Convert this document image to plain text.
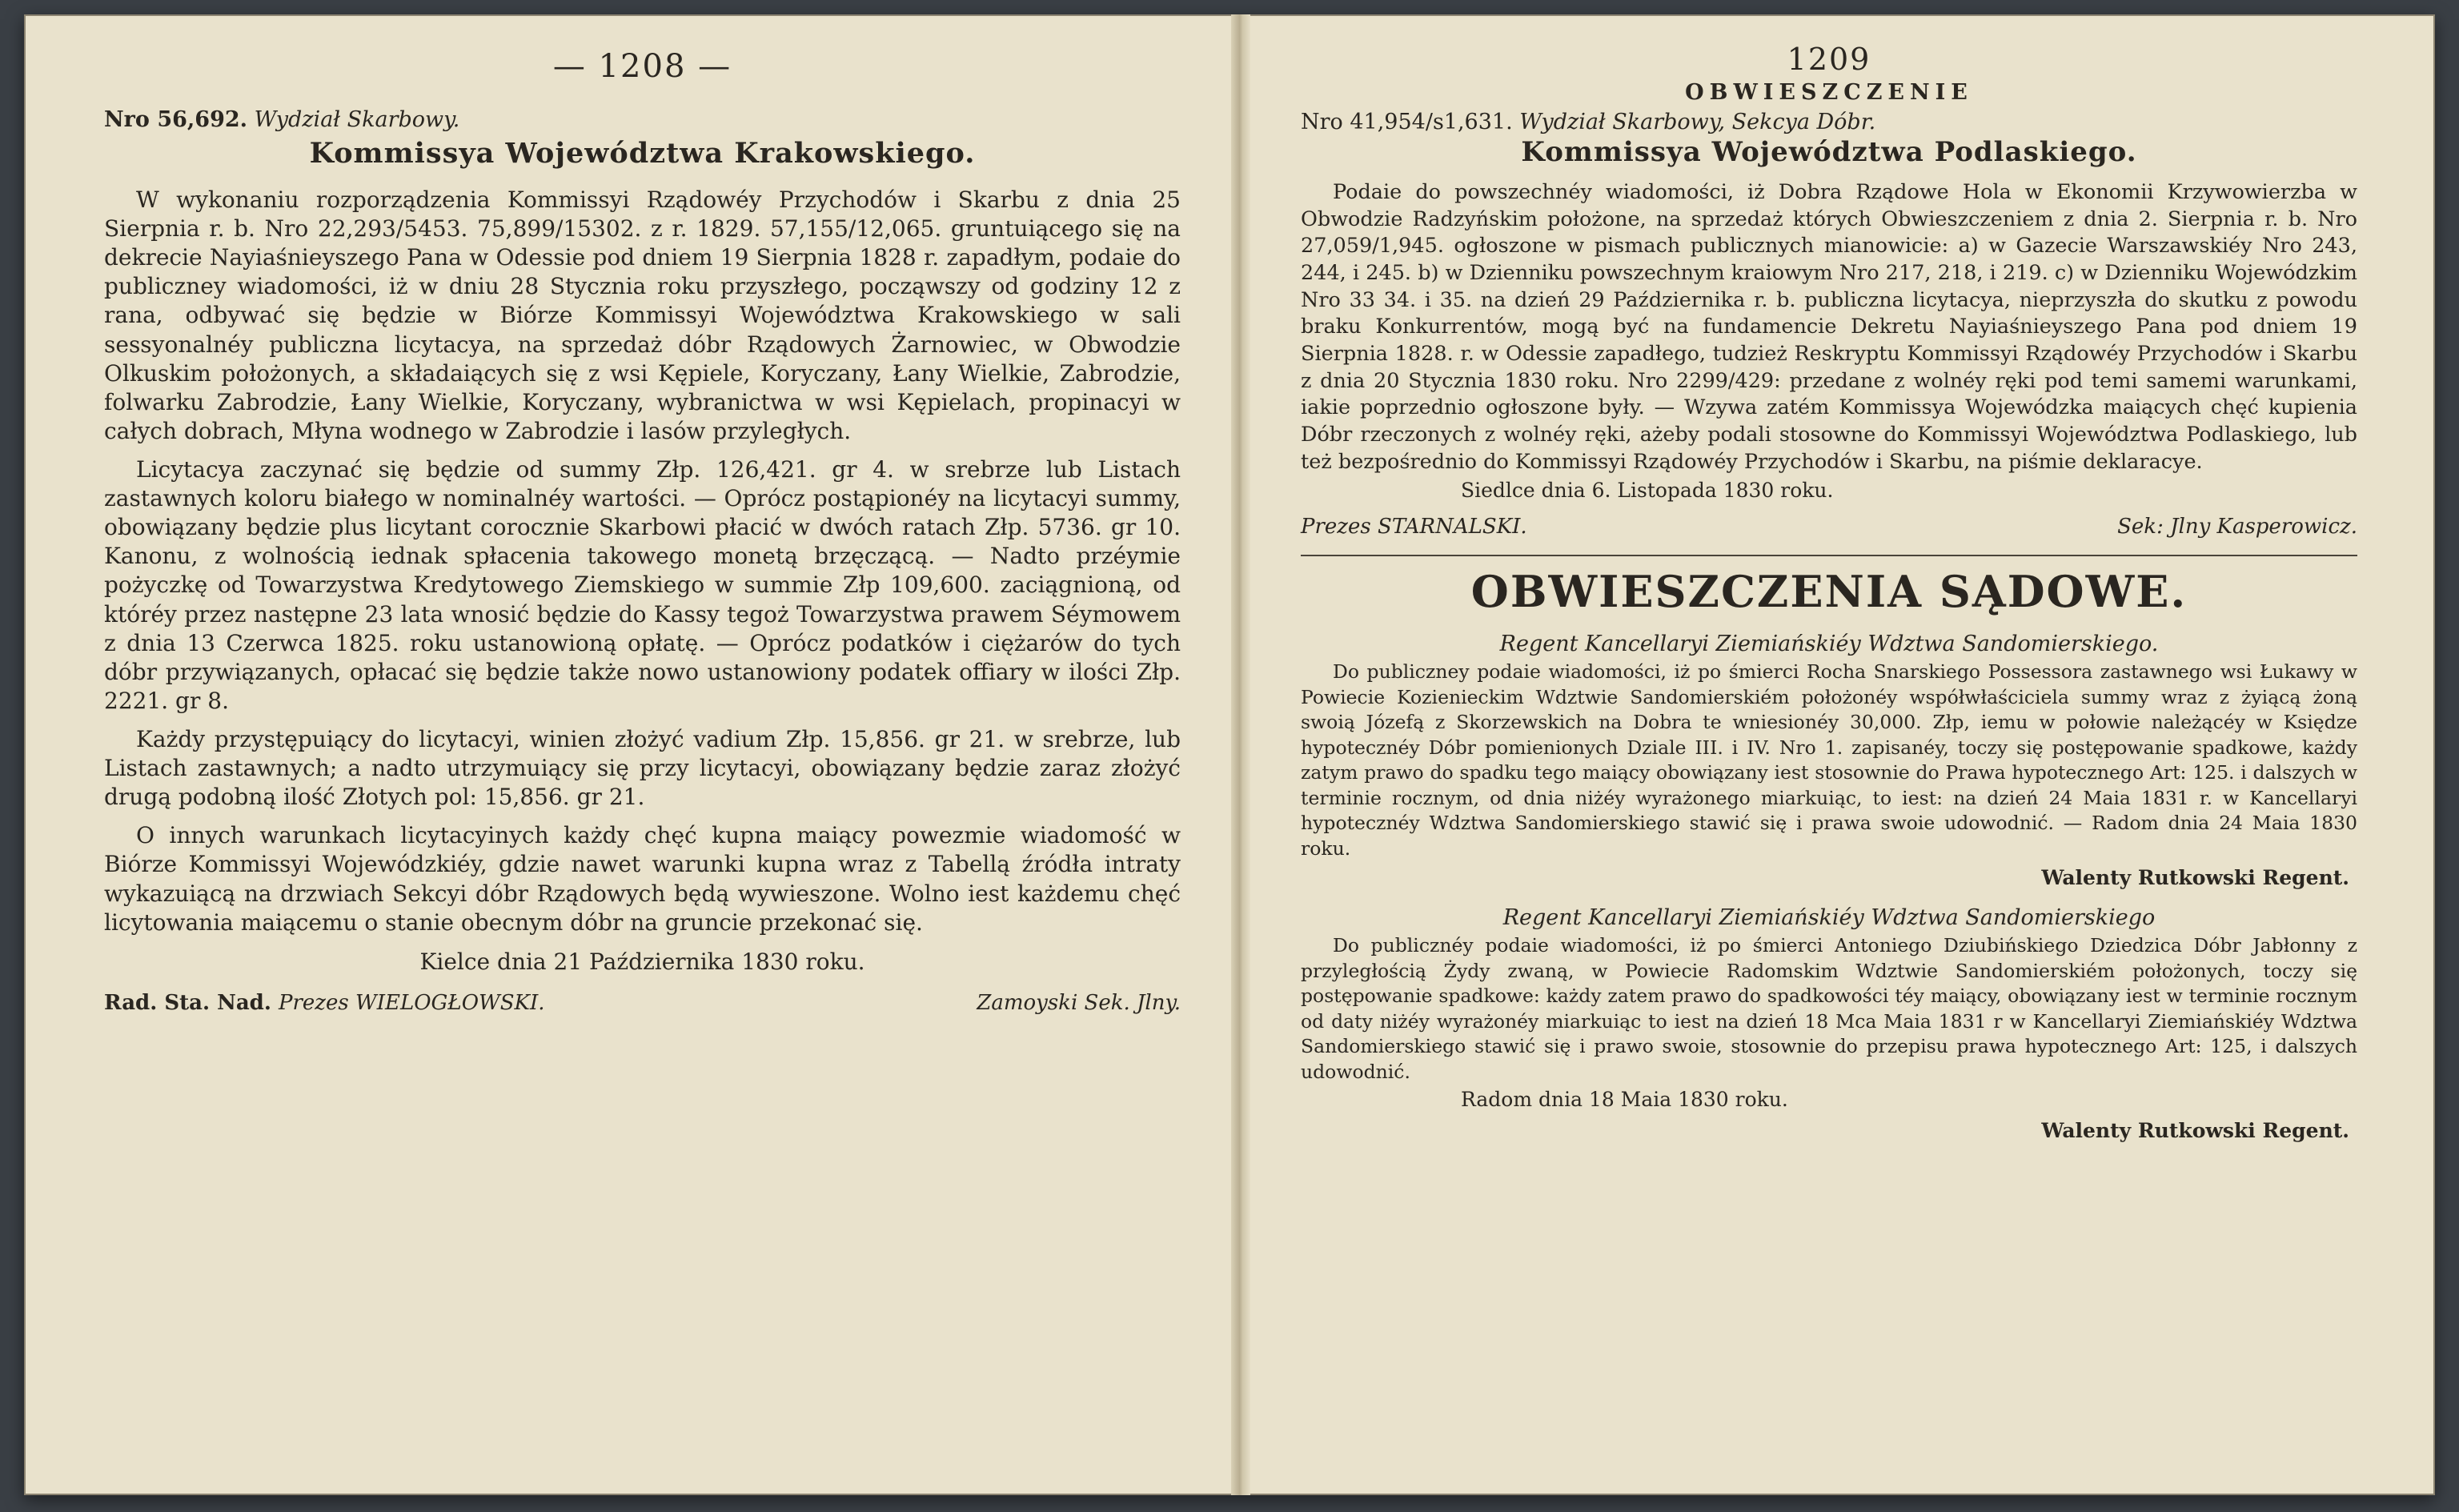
— 1208 —
Nro 56,692. Wydział Skarbowy.
Kommissya Województwa Krakowskiego.

W wykonaniu rozporządzenia Kommissyi Rządowéy Przychodów i Skarbu z dnia 25 Sierpnia r. b. Nro 22,293/5453. 75,899/15302. z r. 1829. 57,155/12,065. gruntuiącego się na dekrecie Nayiaśnieyszego Pana w Odessie pod dniem 19 Sierpnia 1828 r. zapadłym, podaie do publiczney wiadomości, iż w dniu 28 Stycznia roku przyszłego, począwszy od godziny 12 z rana, odbywać się będzie w Biórze Kommissyi Województwa Krakowskiego w sali sessyonalnéy publiczna licytacya, na sprzedaż dóbr Rządowych Żarnowiec, w Obwodzie Olkuskim położonych, a składaiących się z wsi Kępiele, Koryczany, Łany Wielkie, Zabrodzie, folwarku Zabrodzie, Łany Wielkie, Koryczany, wybranictwa w wsi Kępielach, propinacyi w całych dobrach, Młyna wodnego w Zabrodzie i lasów przyległych.

Licytacya zaczynać się będzie od summy Złp. 126,421. gr 4. w srebrze lub Listach zastawnych koloru białego w nominalnéy wartości. — Oprócz postąpionéy na licytacyi summy, obowiązany będzie plus licytant corocznie Skarbowi płacić w dwóch ratach Złp. 5736. gr 10. Kanonu, z wolnością iednak spłacenia takowego monetą brzęczącą. — Nadto przéymie pożyczkę od Towarzystwa Kredytowego Ziemskiego w summie Złp 109,600. zaciągnioną, od któréy przez następne 23 lata wnosić będzie do Kassy tegoż Towarzystwa prawem Séymowem z dnia 13 Czerwca 1825. roku ustanowioną opłatę. — Oprócz podatków i ciężarów do tych dóbr przywiązanych, opłacać się będzie także nowo ustanowiony podatek offiary w ilości Złp. 2221. gr 8.

Każdy przystępuiący do licytacyi, winien złożyć vadium Złp. 15,856. gr 21. w srebrze, lub Listach zastawnych; a nadto utrzymuiący się przy licytacyi, obowiązany będzie zaraz złożyć drugą podobną ilość Złotych pol: 15,856. gr 21.

O innych warunkach licytacyinych każdy chęć kupna maiący powezmie wiadomość w Biórze Kommissyi Wojewódzkiéy, gdzie nawet warunki kupna wraz z Tabellą źródła intraty wykazuiącą na drzwiach Sekcyi dóbr Rządowych będą wywieszone. Wolno iest każdemu chęć licytowania maiącemu o stanie obecnym dóbr na gruncie przekonać się.

Kielce dnia 21 Października 1830 roku.
Rad. Sta. Nad. Prezes WIELOGŁOWSKI.	Zamoyski Sek. Jlny.
1209
OBWIESZCZENIE
Nro 41,954/s1,631. Wydział Skarbowy, Sekcya Dóbr.
Kommissya Województwa Podlaskiego.

Podaie do powszechnéy wiadomości, iż Dobra Rządowe Hola w Ekonomii Krzywowierzba w Obwodzie Radzyńskim położone, na sprzedaż których Obwieszczeniem z dnia 2. Sierpnia r. b. Nro 27,059/1,945. ogłoszone w pismach publicznych mianowicie: a) w Gazecie Warszawskiéy Nro 243, 244, i 245. b) w Dzienniku powszechnym kraiowym Nro 217, 218, i 219. c) w Dzienniku Wojewódzkim Nro 33 34. i 35. na dzień 29 Października r. b. publiczna licytacya, nieprzyszła do skutku z powodu braku Konkurrentów, mogą być na fundamencie Dekretu Nayiaśnieyszego Pana pod dniem 19 Sierpnia 1828. r. w Odessie zapadłego, tudzież Reskryptu Kommissyi Rządowéy Przychodów i Skarbu z dnia 20 Stycznia 1830 roku. Nro 2299/429: przedane z wolnéy ręki pod temi samemi warunkami, iakie poprzednio ogłoszone były. — Wzywa zatém Kommissya Wojewódzka maiących chęć kupienia Dóbr rzeczonych z wolnéy ręki, ażeby podali stosowne do Kommissyi Województwa Podlaskiego, lub też bezpośrednio do Kommissyi Rządowéy Przychodów i Skarbu, na piśmie deklaracye.

Siedlce dnia 6. Listopada 1830 roku.
Prezes STARNALSKI.	Sek: Jlny Kasperowicz.
OBWIESZCZENIA SĄDOWE.
Regent Kancellaryi Ziemiańskiéy Wdztwa Sandomierskiego.

Do publiczney podaie wiadomości, iż po śmierci Rocha Snarskiego Possessora zastawnego wsi Łukawy w Powiecie Kozienieckim Wdztwie Sandomierskiém położonéy współwłaściciela summy wraz z żyiącą żoną swoią Józefą z Skorzewskich na Dobra te wniesionéy 30,000. Złp, iemu w połowie należącéy w Księdze hypotecznéy Dóbr pomienionych Dziale III. i IV. Nro 1. zapisanéy, toczy się postępowanie spadkowe, każdy zatym prawo do spadku tego maiący obowiązany iest stosownie do Prawa hypotecznego Art: 125. i dalszych w terminie rocznym, od dnia niżéy wyrażonego miarkuiąc, to iest: na dzień 24 Maia 1831 r. w Kancellaryi hypotecznéy Wdztwa Sandomierskiego stawić się i prawa swoie udowodnić. — Radom dnia 24 Maia 1830 roku.

Walenty Rutkowski Regent.
Regent Kancellaryi Ziemiańskiéy Wdztwa Sandomierskiego

Do publicznéy podaie wiadomości, iż po śmierci Antoniego Dziubińskiego Dziedzica Dóbr Jabłonny z przyległością Żydy zwaną, w Powiecie Radomskim Wdztwie Sandomierskiém położonych, toczy się postępowanie spadkowe: każdy zatem prawo do spadkowości téy maiący, obowiązany iest w terminie rocznym od daty niżéy wyrażonéy miarkuiąc to iest na dzień 18 Mca Maia 1831 r w Kancellaryi Ziemiańskiéy Wdztwa Sandomierskiego stawić się i prawo swoie, stosownie do przepisu prawa hypotecznego Art: 125, i dalszych udowodnić.

Radom dnia 18 Maia 1830 roku.
Walenty Rutkowski Regent.
